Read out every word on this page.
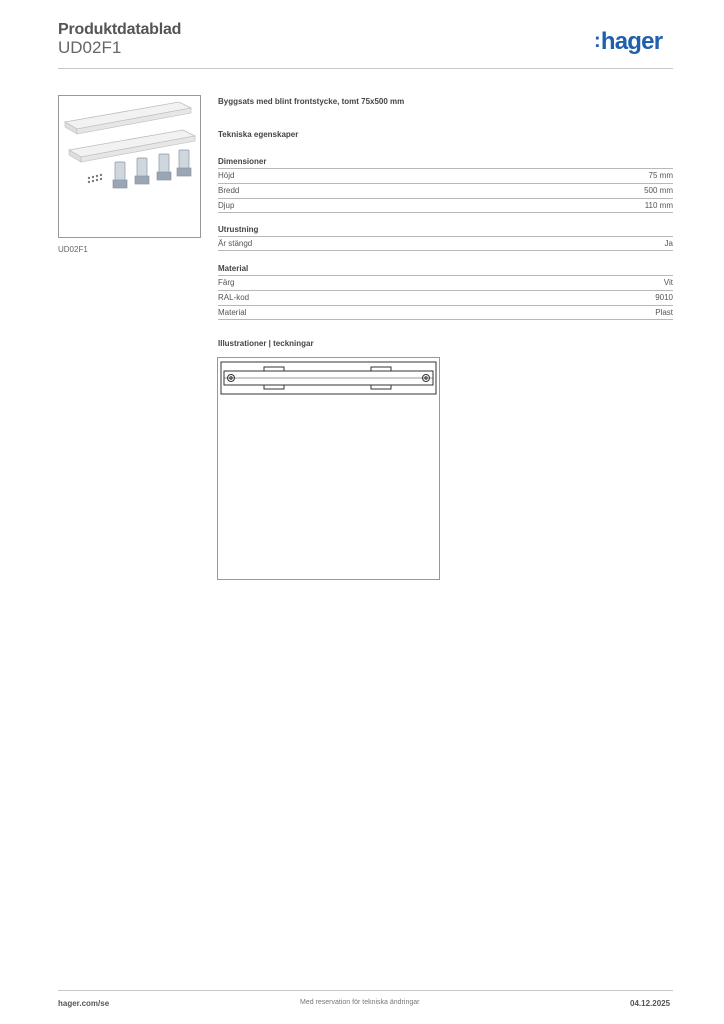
Produktdatablad
UD02F1	:hager
UD02F1
Byggsats med blint frontstycke, tomt 75x500 mm
Tekniska egenskaper
Dimensioner
Höjd	75 mm
Bredd	500 mm
Djup	110 mm
Utrustning
Är stängd	Ja
Material
Färg	Vit
RAL-kod	9010
Material	Plast
Illustrationer | teckningar
hager.com/se	Med reservation för tekniska ändringar	04.12.2025
